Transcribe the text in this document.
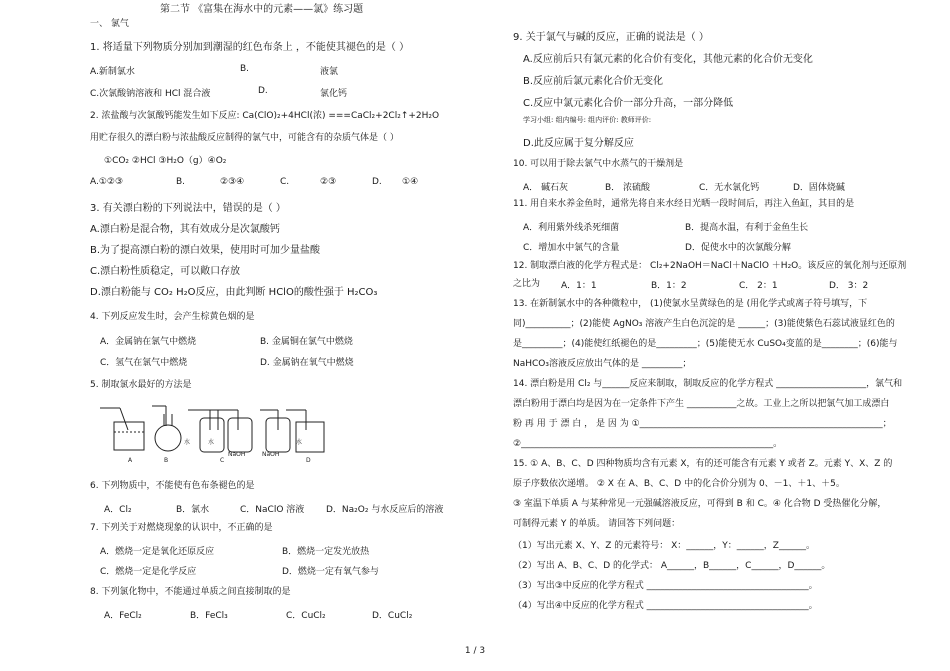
第二节 《富集在海水中的元素——氯》练习题
一、 氯气
1. 将适量下列物质分别加到潮湿的红色布条上 ，不能使其褪色的是（ ）
A.新制氯水	B.	液氯
C.次氯酸钠溶液和 HCl 混合液	D.	氯化钙
2. 浓盐酸与次氯酸钙能发生如下反应: Ca(ClO)₂+4HCl(浓) ===CaCl₂+2Cl₂↑+2H₂O
用贮存很久的漂白粉与浓盐酸反应制得的氯气中，可能含有的杂质气体是（ ）
①CO₂ ②HCl ③H₂O（g）④O₂
A.①②③	B.	②③④	C.	②③	D. ①④
3. 有关漂白粉的下列说法中，错误的是（ ）
A.漂白粉是混合物，其有效成分是次氯酸钙
B.为了提高漂白粉的漂白效果，使用时可加少量盐酸
C.漂白粉性质稳定，可以敞口存放
D.漂白粉能与 CO₂ H₂O反应，由此判断 HClO的酸性强于 H₂CO₃
4. 下列反应发生时，会产生棕黄色烟的是
A．金属钠在氯气中燃烧	B. 金属铜在氯气中燃烧
C．氢气在氯气中燃烧	D. 金属钠在氧气中燃烧
5. 制取氯水最好的方法是
6. 下列物质中，不能使有色布条褪色的是
A．Cl₂	B．氯水	C．NaClO 溶液 D．Na₂O₂ 与水反应后的溶液
7. 下列关于对燃烧现象的认识中，不正确的是
A．燃烧一定是氧化还原反应	B．燃烧一定发光放热
C．燃烧一定是化学反应	D．燃烧一定有氧气参与
8. 下列氯化物中，不能通过单质之间直接制取的是
A．FeCl₂	B．FeCl₃	C．CuCl₂	D．CuCl₂
A	B
水
C
NaOH
水
NaOH
D
水
9. 关于氯气与碱的反应，正确的说法是（ ）
A.反应前后只有氯元素的化合价有变化，其他元素的化合价无变化
B.反应前后氯元素化合价无变化
C.反应中氯元素化合价一部分升高，一部分降低
学习小组: 组内编号: 组内评价: 教师评价:
D.此反应属于复分解反应
10. 可以用于除去氯气中水蒸气的干燥剂是
A． 碱石灰	B． 浓硫酸	C．无水氯化钙	D．固体烧碱
11. 用自来水养金鱼时，通常先将自来水经日光晒一段时间后，再注入鱼缸，其目的是
A．利用紫外线杀死细菌	B．提高水温，有利于金鱼生长
C．增加水中氯气的含量	D．促使水中的次氯酸分解
12. 制取漂白液的化学方程式是： Cl₂+2NaOH＝NaCl＋NaClO ＋H₂O。该反应的氧化剂与还原剂
之比为 A．1：1	B．1：2	C． 2：1	D． 3：2
13. 在新制氯水中的各种微粒中， (1)使氯水呈黄绿色的是 (用化学式或离子符号填写，下
同)__________；(2)能使 AgNO₃ 溶液产生白色沉淀的是 ______；(3)能使紫色石蕊试液显红色的
是_________；(4)能使红纸褪色的是_________；(5)能使无水 CuSO₄变蓝的是________；(6)能与
NaHCO₃溶液反应放出气体的是 _________；
14. 漂白粉是用 Cl₂ 与______反应来制取，制取反应的化学方程式 ____________________，氯气和
漂白粉用于漂白均是因为在一定条件下产生 ___________之故。工业上之所以把氯气加工成漂白
粉 再 用 于 漂 白 ， 是 因 为 ①______________________________________________________；
②________________________________________________________。
15. ① A、B、C、D 四种物质均含有元素 X，有的还可能含有元素 Y 或者 Z。元素 Y、X、Z 的
原子序数依次递增。 ② X 在 A、B、C、D 中的化合价分别为 0、－1、＋1、＋5。
③ 室温下单质 A 与某种常见一元强碱溶液反应，可得到 B 和 C。④ 化合物 D 受热催化分解，
可制得元素 Y 的单质。 请回答下列问题：
（1）写出元素 X、Y、Z 的元素符号： X：______，Y：______，Z______。
（2）写出 A、B、C、D 的化学式： A______，B______，C______，D______。
（3）写出③中反应的化学方程式 ____________________________________。
（4）写出④中反应的化学方程式 ____________________________________。
1 / 3
